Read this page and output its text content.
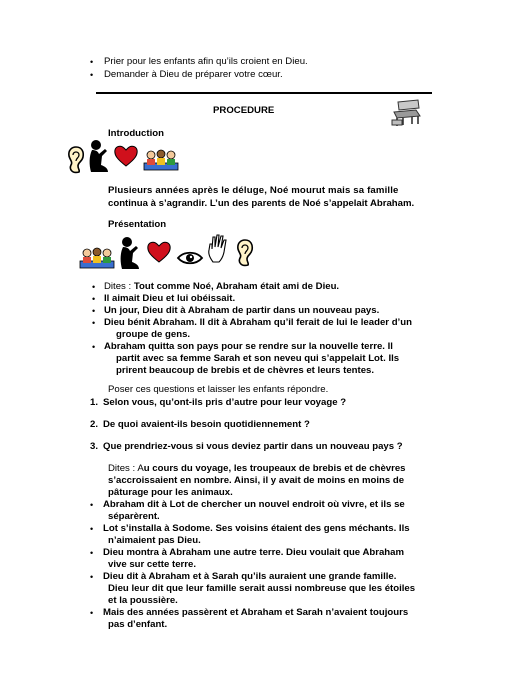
• Prier pour les enfants afin qu’ils croient en Dieu.
• Demander à Dieu de préparer votre cœur.
PROCEDURE
Introduction
Plusieurs années après le déluge, Noé mourut mais sa famille
continua à s’agrandir. L’un des parents de Noé s’appelait Abraham.
Présentation
• Dites : Tout comme Noé, Abraham était ami de Dieu.
• Il aimait Dieu et lui obéissait.
• Un jour, Dieu dit à Abraham de partir dans un nouveau pays.
• Dieu bénit Abraham. Il dit à Abraham qu’il ferait de lui le leader d’un
groupe de gens.
• Abraham quitta son pays pour se rendre sur la nouvelle terre. Il
partit avec sa femme Sarah et son neveu qui s’appelait Lot. Ils
prirent beaucoup de brebis et de chèvres et leurs tentes.
Poser ces questions et laisser les enfants répondre.
1. Selon vous, qu’ont-ils pris d’autre pour leur voyage ?
2. De quoi avaient-ils besoin quotidiennement ?
3. Que prendriez-vous si vous deviez partir dans un nouveau pays ?
Dites : Au cours du voyage, les troupeaux de brebis et de chèvres
s’accroissaient en nombre. Ainsi, il y avait de moins en moins de
pâturage pour les animaux.
• Abraham dit à Lot de chercher un nouvel endroit où vivre, et ils se
séparèrent.
• Lot s’installa à Sodome. Ses voisins étaient des gens méchants. Ils
n’aimaient pas Dieu.
• Dieu montra à Abraham une autre terre. Dieu voulait que Abraham
vive sur cette terre.
• Dieu dit à Abraham et à Sarah qu’ils auraient une grande famille.
Dieu leur dit que leur famille serait aussi nombreuse que les étoiles
et la poussière.
• Mais des années passèrent et Abraham et Sarah n’avaient toujours
pas d’enfant.
